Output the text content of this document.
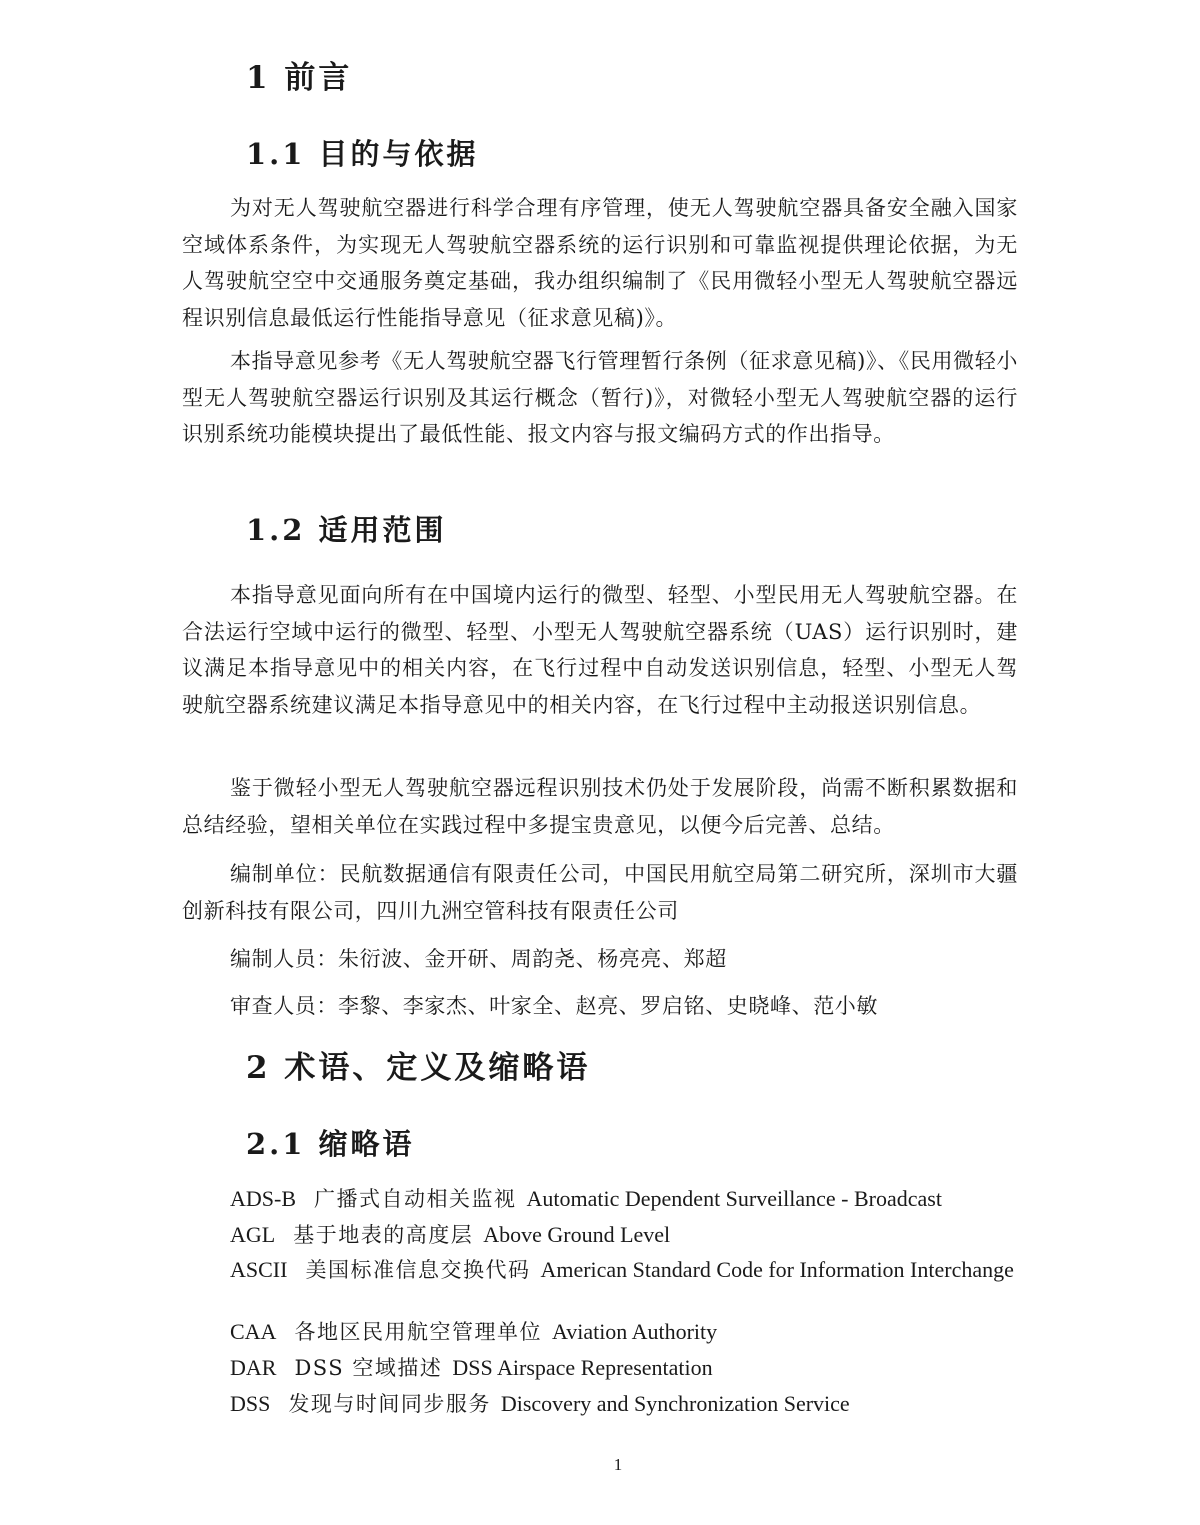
1 前言
1.1 目的与依据

为对无人驾驶航空器进行科学合理有序管理，使无人驾驶航空器具备安全融入国家空域体系条件，为实现无人驾驶航空器系统的运行识别和可靠监视提供理论依据，为无人驾驶航空空中交通服务奠定基础，我办组织编制了《民用微轻小型无人驾驶航空器远程识别信息最低运行性能指导意见（征求意见稿)》。

本指导意见参考《无人驾驶航空器飞行管理暂行条例（征求意见稿)》、《民用微轻小型无人驾驶航空器运行识别及其运行概念（暂行)》，对微轻小型无人驾驶航空器的运行识别系统功能模块提出了最低性能、报文内容与报文编码方式的作出指导。

1.2 适用范围

本指导意见面向所有在中国境内运行的微型、轻型、小型民用无人驾驶航空器。在合法运行空域中运行的微型、轻型、小型无人驾驶航空器系统（UAS）运行识别时，建议满足本指导意见中的相关内容，在飞行过程中自动发送识别信息，轻型、小型无人驾驶航空器系统建议满足本指导意见中的相关内容，在飞行过程中主动报送识别信息。

鉴于微轻小型无人驾驶航空器远程识别技术仍处于发展阶段，尚需不断积累数据和总结经验，望相关单位在实践过程中多提宝贵意见，以便今后完善、总结。

编制单位：民航数据通信有限责任公司，中国民用航空局第二研究所，深圳市大疆创新科技有限公司，四川九洲空管科技有限责任公司

编制人员：朱衍波、金开研、周韵尧、杨亮亮、郑超
审查人员：李黎、李家杰、叶家全、赵亮、罗启铭、史晓峰、范小敏
2 术语、定义及缩略语
2.1 缩略语
ADS-B 广播式自动相关监视 Automatic Dependent Surveillance - Broadcast
AGL 基于地表的高度层 Above Ground Level
ASCII 美国标准信息交换代码 American Standard Code for Information Interchange
CAA 各地区民用航空管理单位 Aviation Authority
DAR DSS 空域描述 DSS Airspace Representation
DSS 发现与时间同步服务 Discovery and Synchronization Service
1
